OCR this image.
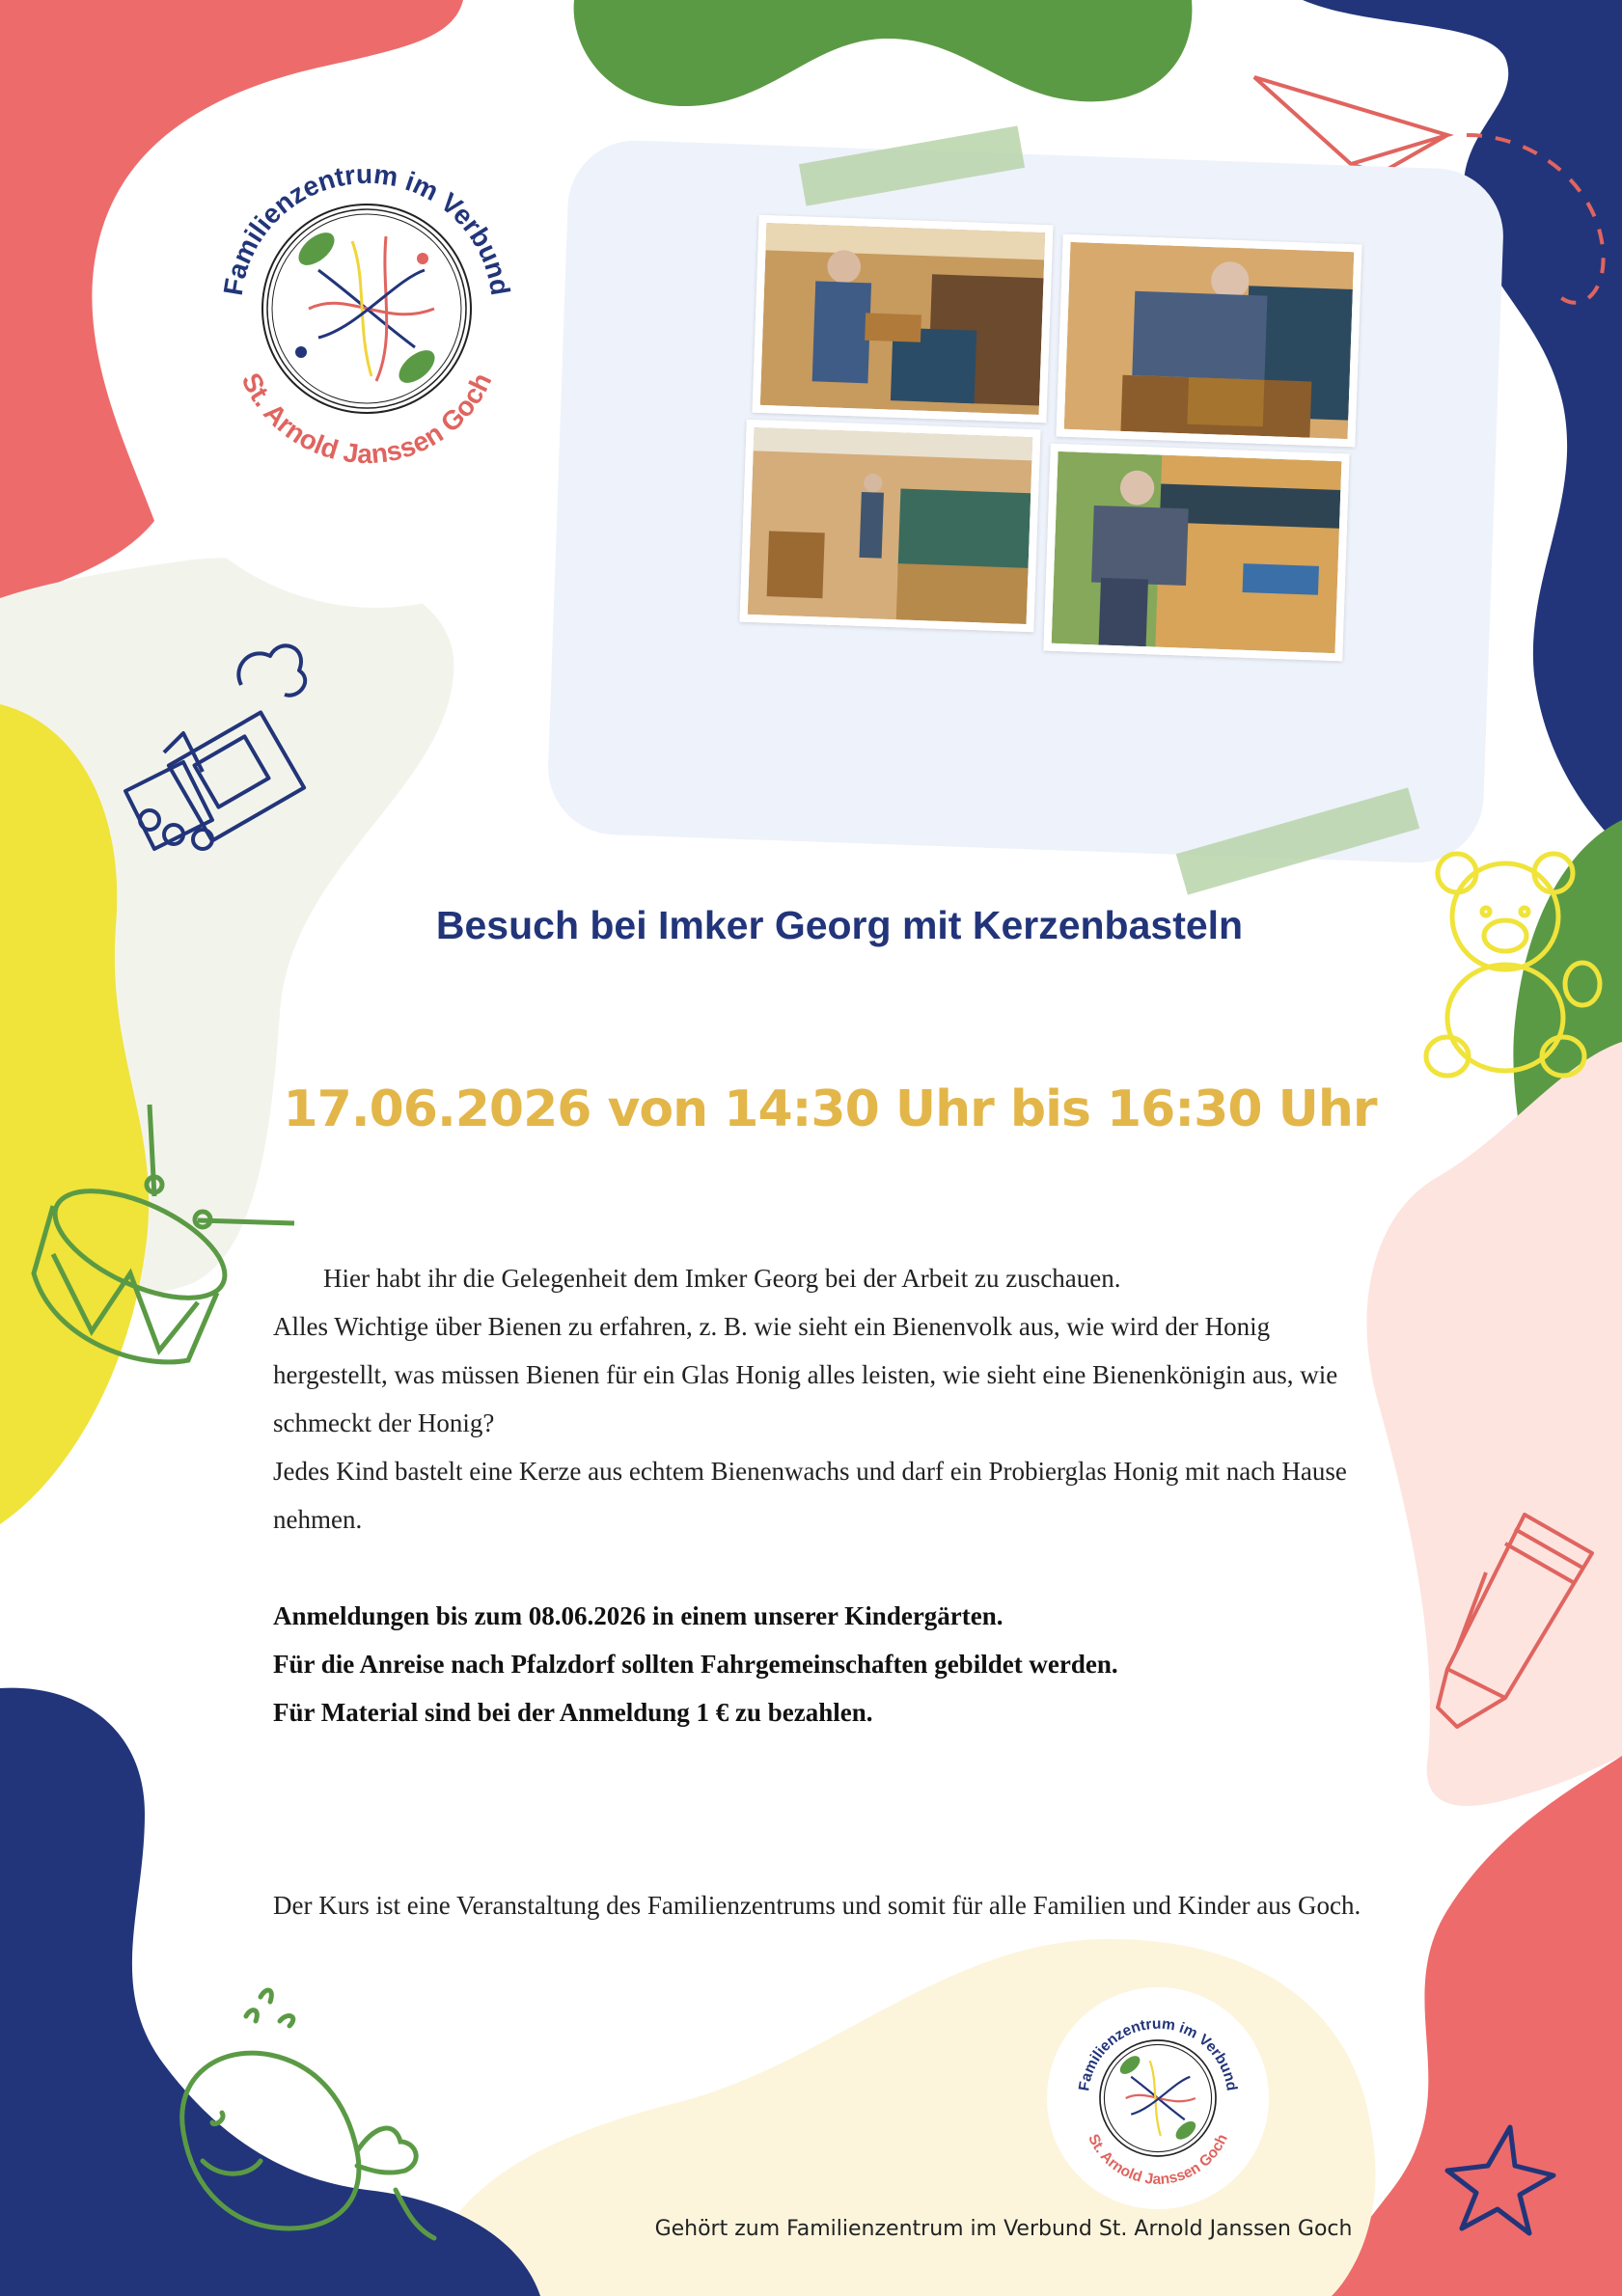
Familienzentrum im Verbund
St. Arnold Janssen Goch
Familienzentrum im Verbund
St. Arnold Janssen Goch
Besuch bei Imker Georg mit Kerzenbasteln
17.06.2026 von 14:30 Uhr bis 16:30 Uhr

Hier habt ihr die Gelegenheit dem Imker Georg bei der Arbeit zu zuschauen.

Alles Wichtige über Bienen zu erfahren, z. B. wie sieht ein Bienenvolk aus, wie wird der Honig hergestellt, was müssen Bienen für ein Glas Honig alles leisten, wie sieht eine Bienenkönigin aus, wie schmeckt der Honig?

Jedes Kind bastelt eine Kerze aus echtem Bienenwachs und darf ein Probierglas Honig mit nach Hause nehmen.

Anmeldungen bis zum 08.06.2026 in einem unserer Kindergärten.

Für die Anreise nach Pfalzdorf sollten Fahrgemeinschaften gebildet werden.

Für Material sind bei der Anmeldung 1 € zu bezahlen.

Der Kurs ist eine Veranstaltung des Familienzentrums und somit für alle Familien und Kinder aus Goch.
Gehört zum Familienzentrum im Verbund St. Arnold Janssen Goch
